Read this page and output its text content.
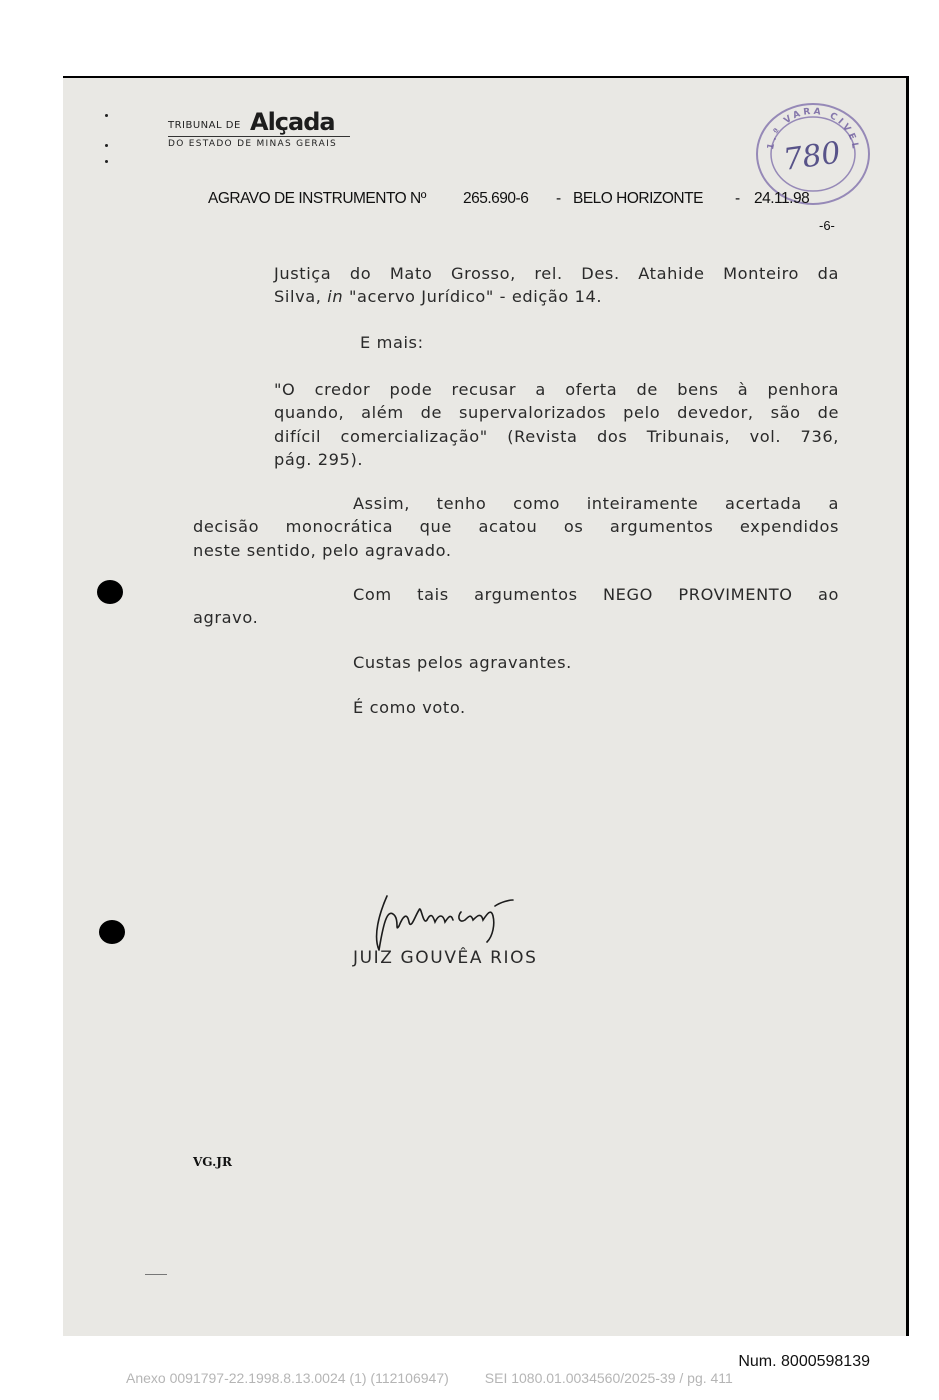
TRIBUNAL DE Alçada
DO ESTADO DE MINAS GERAIS	1.ª VARA CIVEL
780
AGRAVO DE INSTRUMENTO Nº 265.690-6 - BELO HORIZONTE - 24.11.98
-6-
Justiça do Mato Grosso, rel. Des. Atahide Monteiro da
Silva, in "acervo Jurídico" - edição 14.
E mais:
"O credor pode recusar a oferta de bens à penhora
quando, além de supervalorizados pelo devedor, são de
difícil comercialização" (Revista dos Tribunais, vol. 736,
pág. 295).
Assim, tenho como inteiramente acertada a
decisão monocrática que acatou os argumentos expendidos
neste sentido, pelo agravado.
Com tais argumentos NEGO PROVIMENTO ao
agravo.
Custas pelos agravantes.
É como voto.
JUIZ GOUVÊA RIOS
VG.JR
Num. 8000598139
Anexo 0091797-22.1998.8.13.0024 (1) (112106947)	SEI 1080.01.0034560/2025-39 / pg. 411
